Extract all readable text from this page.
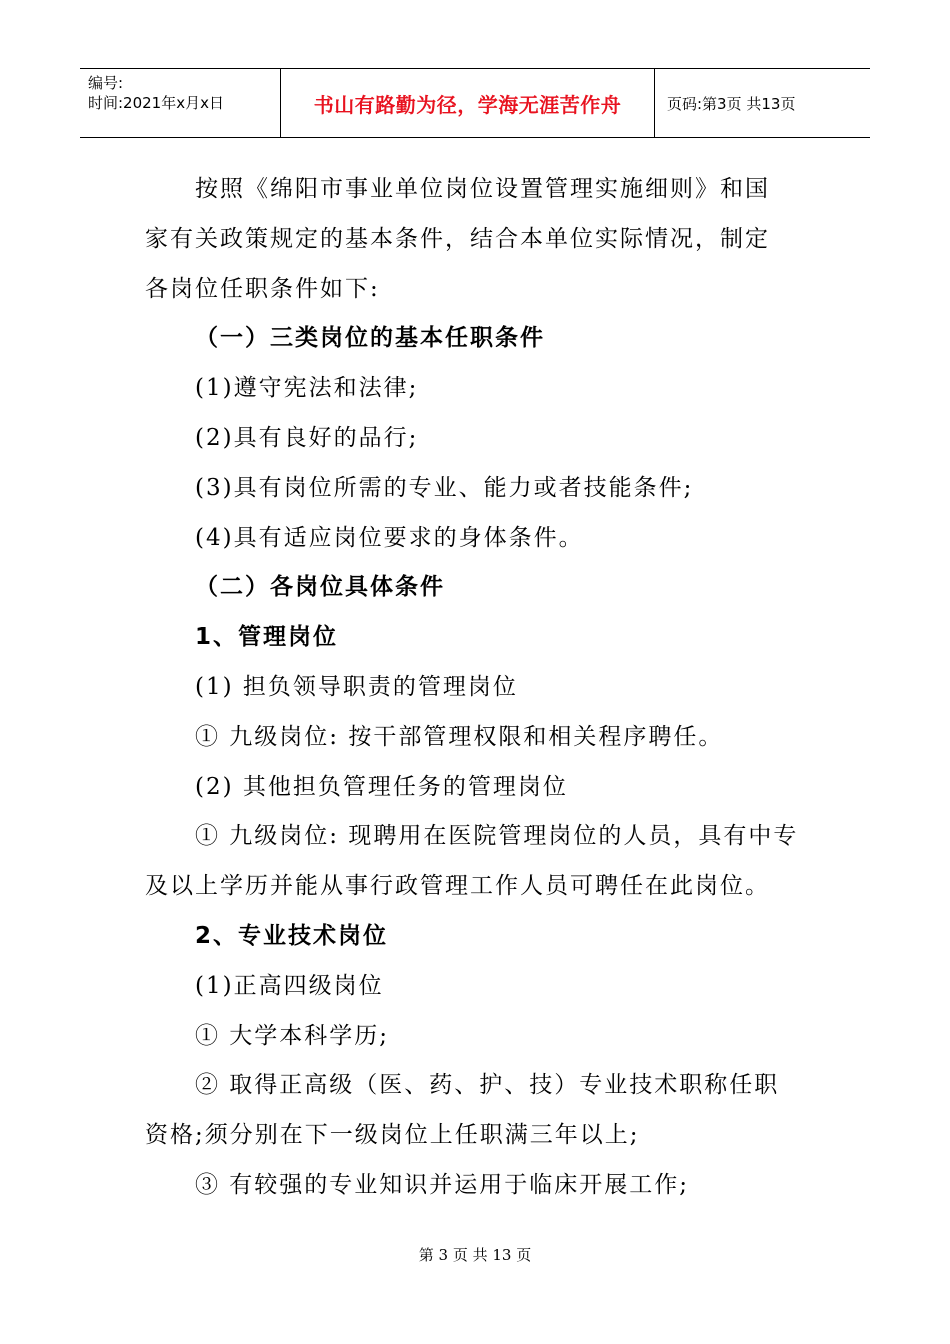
编号:
时间:2021年x月x日	书山有路勤为径，学海无涯苦作舟	页码:第3页 共13页
按照《绵阳市事业单位岗位设置管理实施细则》和国
家有关政策规定的基本条件，结合本单位实际情况，制定
各岗位任职条件如下:
（一）三类岗位的基本任职条件
(1)遵守宪法和法律;
(2)具有良好的品行;
(3)具有岗位所需的专业、能力或者技能条件;
(4)具有适应岗位要求的身体条件。
（二）各岗位具体条件
1、管理岗位
(1) 担负领导职责的管理岗位
① 九级岗位: 按干部管理权限和相关程序聘任。
(2) 其他担负管理任务的管理岗位
① 九级岗位: 现聘用在医院管理岗位的人员，具有中专
及以上学历并能从事行政管理工作人员可聘任在此岗位。
2、专业技术岗位
(1)正高四级岗位
① 大学本科学历;
② 取得正高级（医、药、护、技）专业技术职称任职
资格;须分别在下一级岗位上任职满三年以上;
③ 有较强的专业知识并运用于临床开展工作;
第 3 页 共 13 页
